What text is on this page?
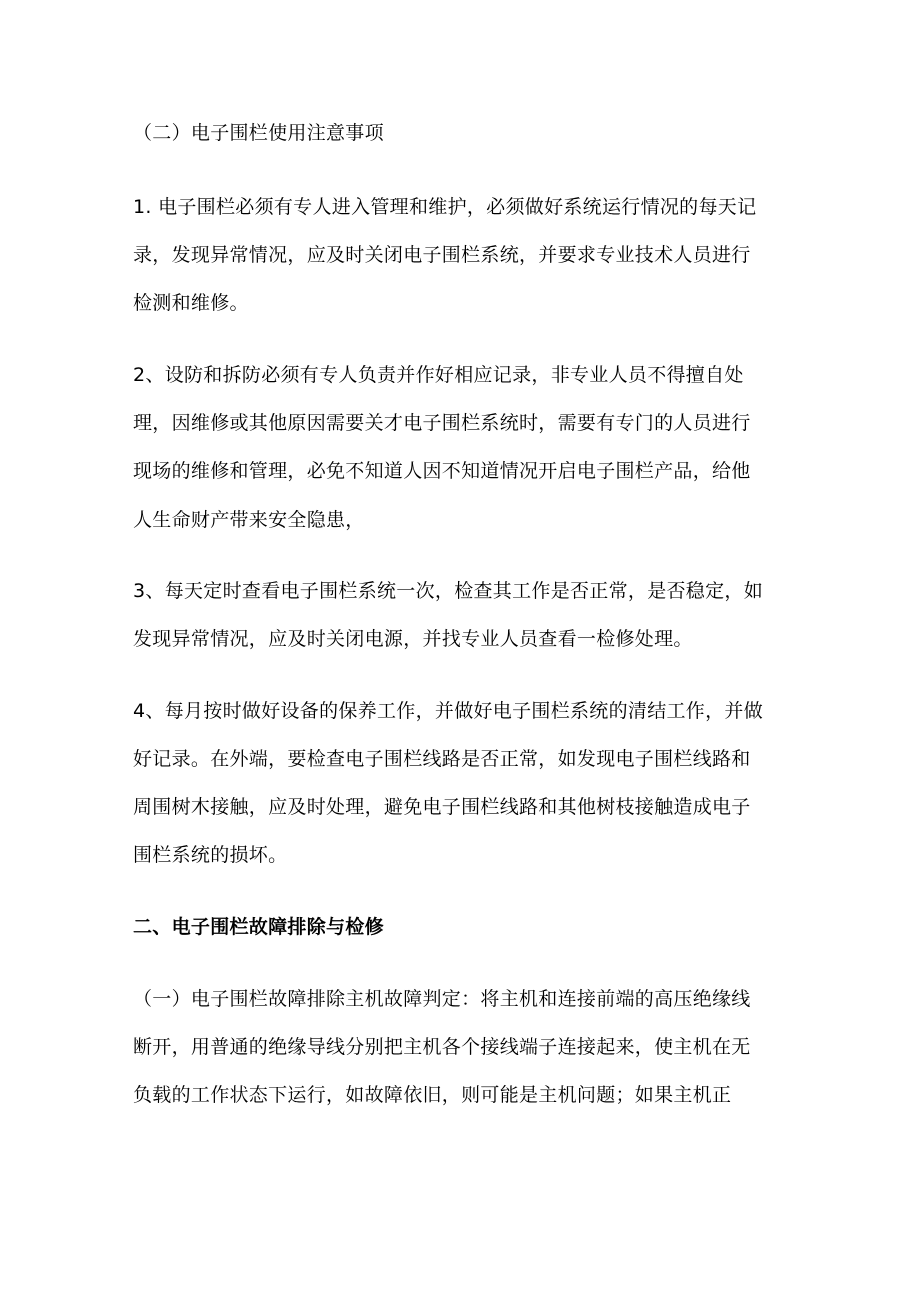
（二）电子围栏使用注意事项
1. 电子围栏必须有专人进入管理和维护，必须做好系统运行情况的每天记
录，发现异常情况，应及时关闭电子围栏系统，并要求专业技术人员进行
检测和维修。
2、设防和拆防必须有专人负责并作好相应记录，非专业人员不得擅自处
理，因维修或其他原因需要关才电子围栏系统时，需要有专门的人员进行
现场的维修和管理，必免不知道人因不知道情况开启电子围栏产品，给他
人生命财产带来安全隐患，
3、每天定时查看电子围栏系统一次，检查其工作是否正常，是否稳定，如
发现异常情况，应及时关闭电源，并找专业人员查看一检修处理。
4、每月按时做好设备的保养工作，并做好电子围栏系统的清结工作，并做
好记录。在外端，要检查电子围栏线路是否正常，如发现电子围栏线路和
周围树木接触，应及时处理，避免电子围栏线路和其他树枝接触造成电子
围栏系统的损坏。
二、电子围栏故障排除与检修
（一）电子围栏故障排除主机故障判定：将主机和连接前端的高压绝缘线
断开，用普通的绝缘导线分别把主机各个接线端子连接起来，使主机在无
负载的工作状态下运行，如故障依旧，则可能是主机问题；如果主机正
